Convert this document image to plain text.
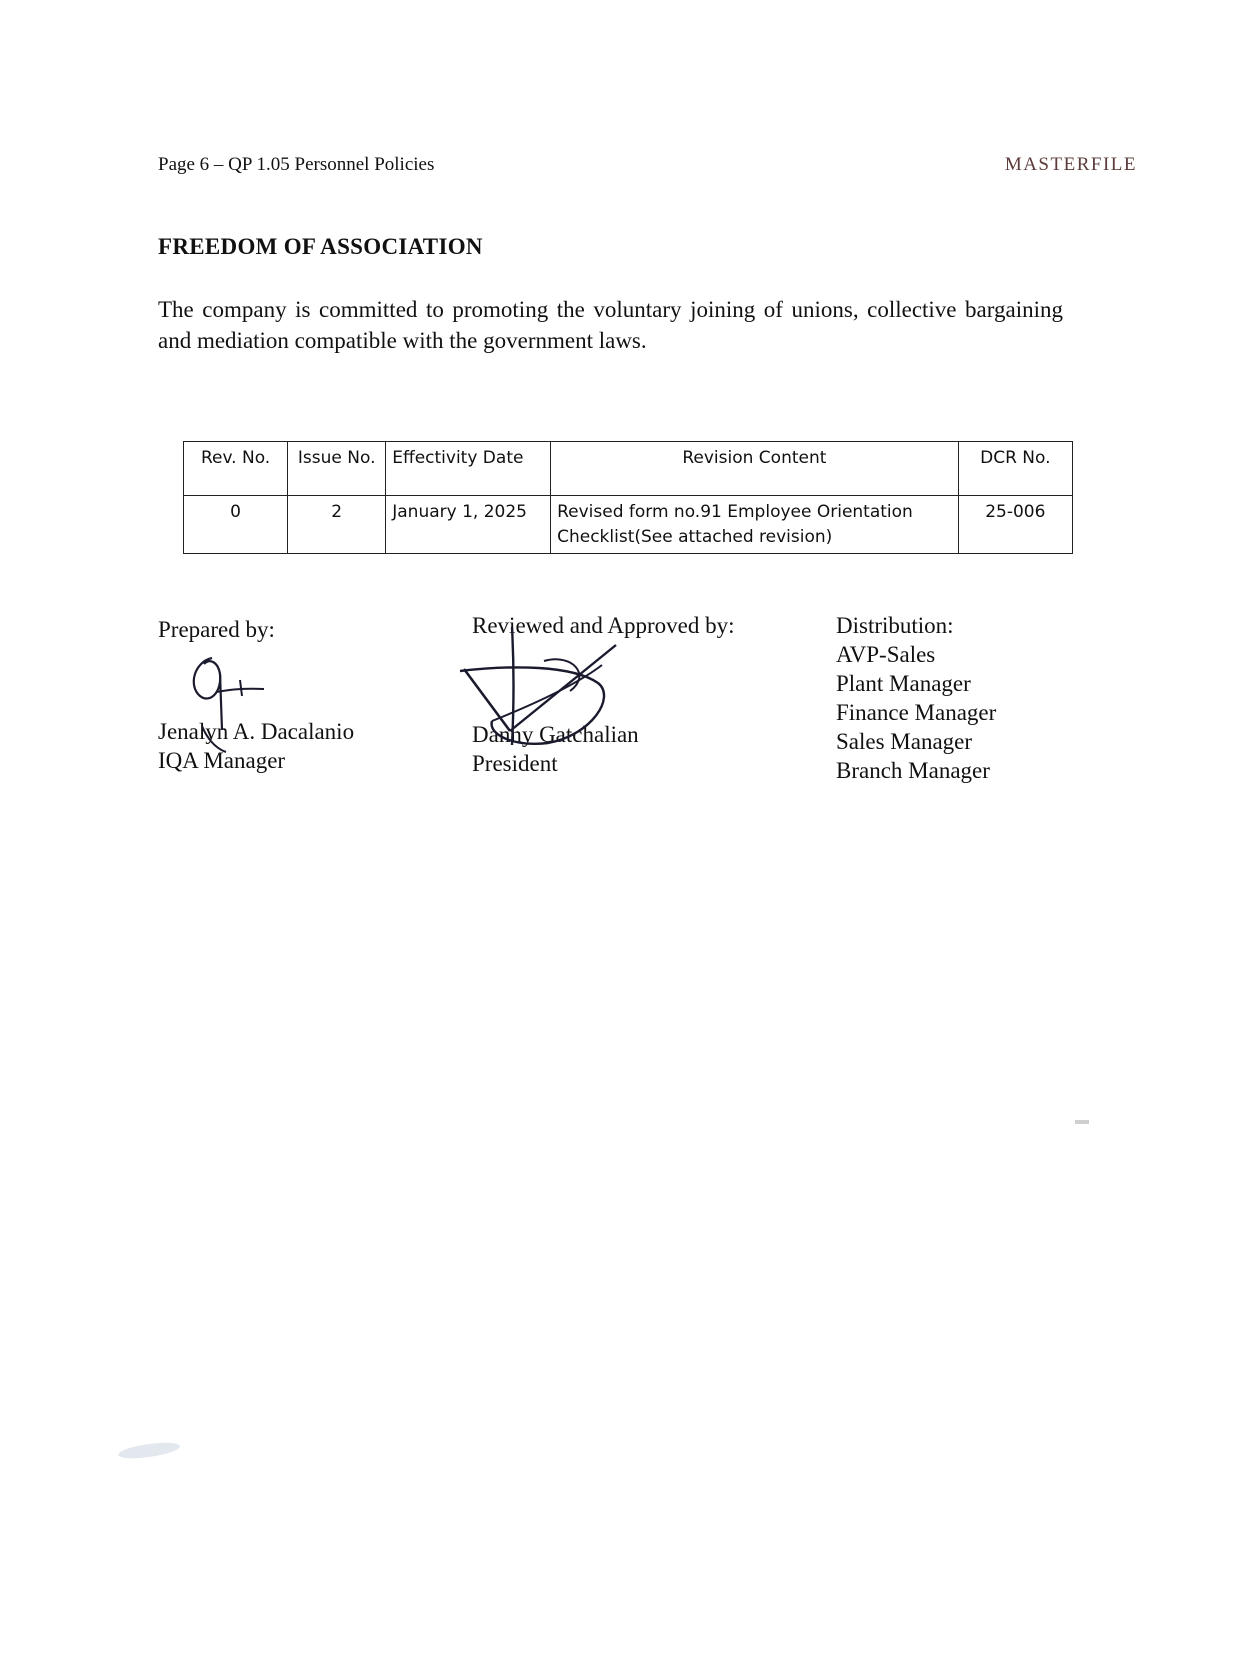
Page 6 – QP 1.05 Personnel Policies	MASTERFILE
FREEDOM OF ASSOCIATION
The company is committed to promoting the voluntary joining of unions, collective bargaining and mediation compatible with the government laws.
Rev. No.	Issue No.	Effectivity Date	Revision Content	DCR No.
0	2	January 1, 2025	Revised form no.91 Employee Orientation Checklist(See attached revision)	25-006
Prepared by:
Jenalyn A. Dacalanio
IQA Manager
Reviewed and Approved by:
Danny Gatchalian
President
Distribution:
AVP-Sales
Plant Manager
Finance Manager
Sales Manager
Branch Manager
